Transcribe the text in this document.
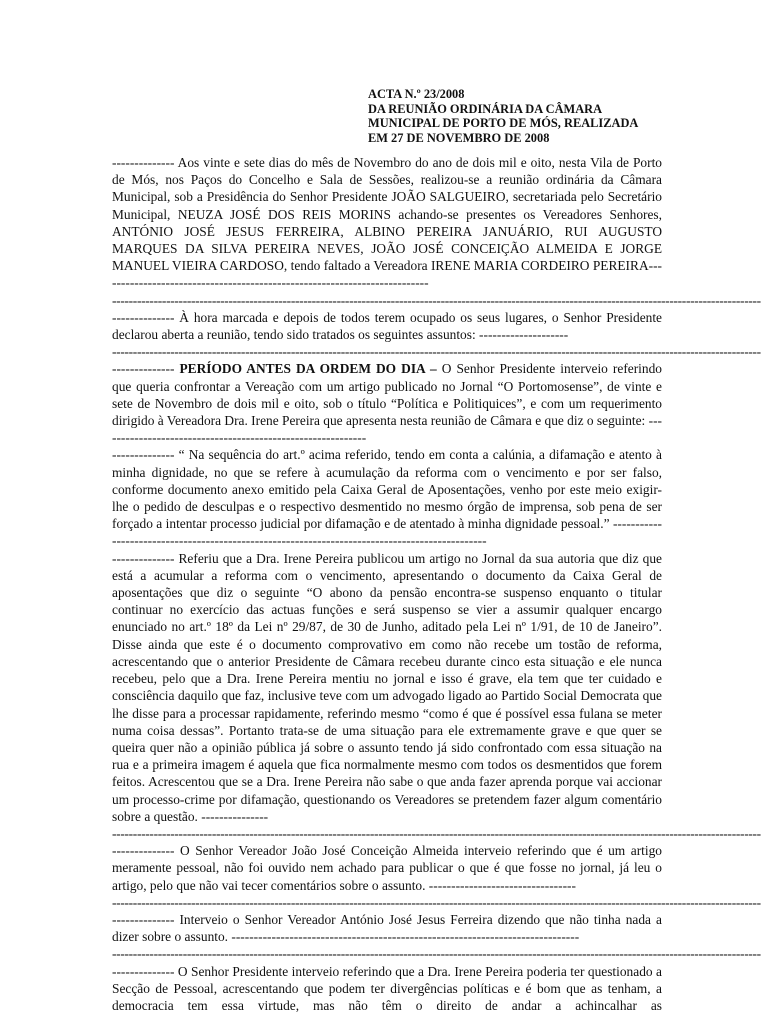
ACTA N.º 23/2008
DA REUNIÃO ORDINÁRIA DA CÂMARA
MUNICIPAL DE PORTO DE MÓS, REALIZADA
EM 27 DE NOVEMBRO DE 2008

-------------- Aos vinte e sete dias do mês de Novembro do ano de dois mil e oito, nesta Vila de Porto de Mós, nos Paços do Concelho e Sala de Sessões, realizou-se a reunião ordinária da Câmara Municipal, sob a Presidência do Senhor Presidente JOÃO SALGUEIRO, secretariada pelo Secretário Municipal, NEUZA JOSÉ DOS REIS MORINS achando-se presentes os Vereadores Senhores, ANTÓNIO JOSÉ JESUS FERREIRA, ALBINO PEREIRA JANUÁRIO, RUI AUGUSTO MARQUES DA SILVA PEREIRA NEVES, JOÃO JOSÉ CONCEIÇÃO ALMEIDA E JORGE MANUEL VIEIRA CARDOSO, tendo faltado a Vereadora IRENE MARIA CORDEIRO PEREIRA--------------------------------------------------------------------------

------------------------------------------------------------------------------------------------------------------------------------------------------------

-------------- À hora marcada e depois de todos terem ocupado os seus lugares, o Senhor Presidente declarou aberta a reunião, tendo sido tratados os seguintes assuntos: --------------------

------------------------------------------------------------------------------------------------------------------------------------------------------------

-------------- PERÍODO ANTES DA ORDEM DO DIA – O Senhor Presidente interveio referindo que queria confrontar a Vereação com um artigo publicado no Jornal “O Portomosense”, de vinte e sete de Novembro de dois mil e oito, sob o título “Política e Politiquices”, e com um requerimento dirigido à Vereadora Dra. Irene Pereira que apresenta nesta reunião de Câmara e que diz o seguinte: ------------------------------------------------------------

-------------- “ Na sequência do art.º acima referido, tendo em conta a calúnia, a difamação e atento à minha dignidade, no que se refere à acumulação da reforma com o vencimento e por ser falso, conforme documento anexo emitido pela Caixa Geral de Aposentações, venho por este meio exigir-lhe o pedido de desculpas e o respectivo desmentido no mesmo órgão de imprensa, sob pena de ser forçado a intentar processo judicial por difamação e de atentado à minha dignidade pessoal.” -----------------------------------------------------------------------------------------------

-------------- Referiu que a Dra. Irene Pereira publicou um artigo no Jornal da sua autoria que diz que está a acumular a reforma com o vencimento, apresentando o documento da Caixa Geral de aposentações que diz o seguinte “O abono da pensão encontra-se suspenso enquanto o titular continuar no exercício das actuas funções e será suspenso se vier a assumir qualquer encargo enunciado no art.º 18º da Lei nº 29/87, de 30 de Junho, aditado pela Lei nº 1/91, de 10 de Janeiro”. Disse ainda que este é o documento comprovativo em como não recebe um tostão de reforma, acrescentando que o anterior Presidente de Câmara recebeu durante cinco esta situação e ele nunca recebeu, pelo que a Dra. Irene Pereira mentiu no jornal e isso é grave, ela tem que ter cuidado e consciência daquilo que faz, inclusive teve com um advogado ligado ao Partido Social Democrata que lhe disse para a processar rapidamente, referindo mesmo “como é que é possível essa fulana se meter numa coisa dessas”. Portanto trata-se de uma situação para ele extremamente grave e que quer se queira quer não a opinião pública já sobre o assunto tendo já sido confrontado com essa situação na rua e a primeira imagem é aquela que fica normalmente mesmo com todos os desmentidos que forem feitos. Acrescentou que se a Dra. Irene Pereira não sabe o que anda fazer aprenda porque vai accionar um processo-crime por difamação, questionando os Vereadores se pretendem fazer algum comentário sobre a questão. ---------------

------------------------------------------------------------------------------------------------------------------------------------------------------------

-------------- O Senhor Vereador João José Conceição Almeida interveio referindo que é um artigo meramente pessoal, não foi ouvido nem achado para publicar o que é que fosse no jornal, já leu o artigo, pelo que não vai tecer comentários sobre o assunto. ---------------------------------

------------------------------------------------------------------------------------------------------------------------------------------------------------

-------------- Interveio o Senhor Vereador António José Jesus Ferreira dizendo que não tinha nada a dizer sobre o assunto. ------------------------------------------------------------------------------

------------------------------------------------------------------------------------------------------------------------------------------------------------

-------------- O Senhor Presidente interveio referindo que a Dra. Irene Pereira poderia ter questionado a Secção de Pessoal, acrescentando que podem ter divergências políticas e é bom que as tenham, a democracia tem essa virtude, mas não têm o direito de andar a achincalhar as
